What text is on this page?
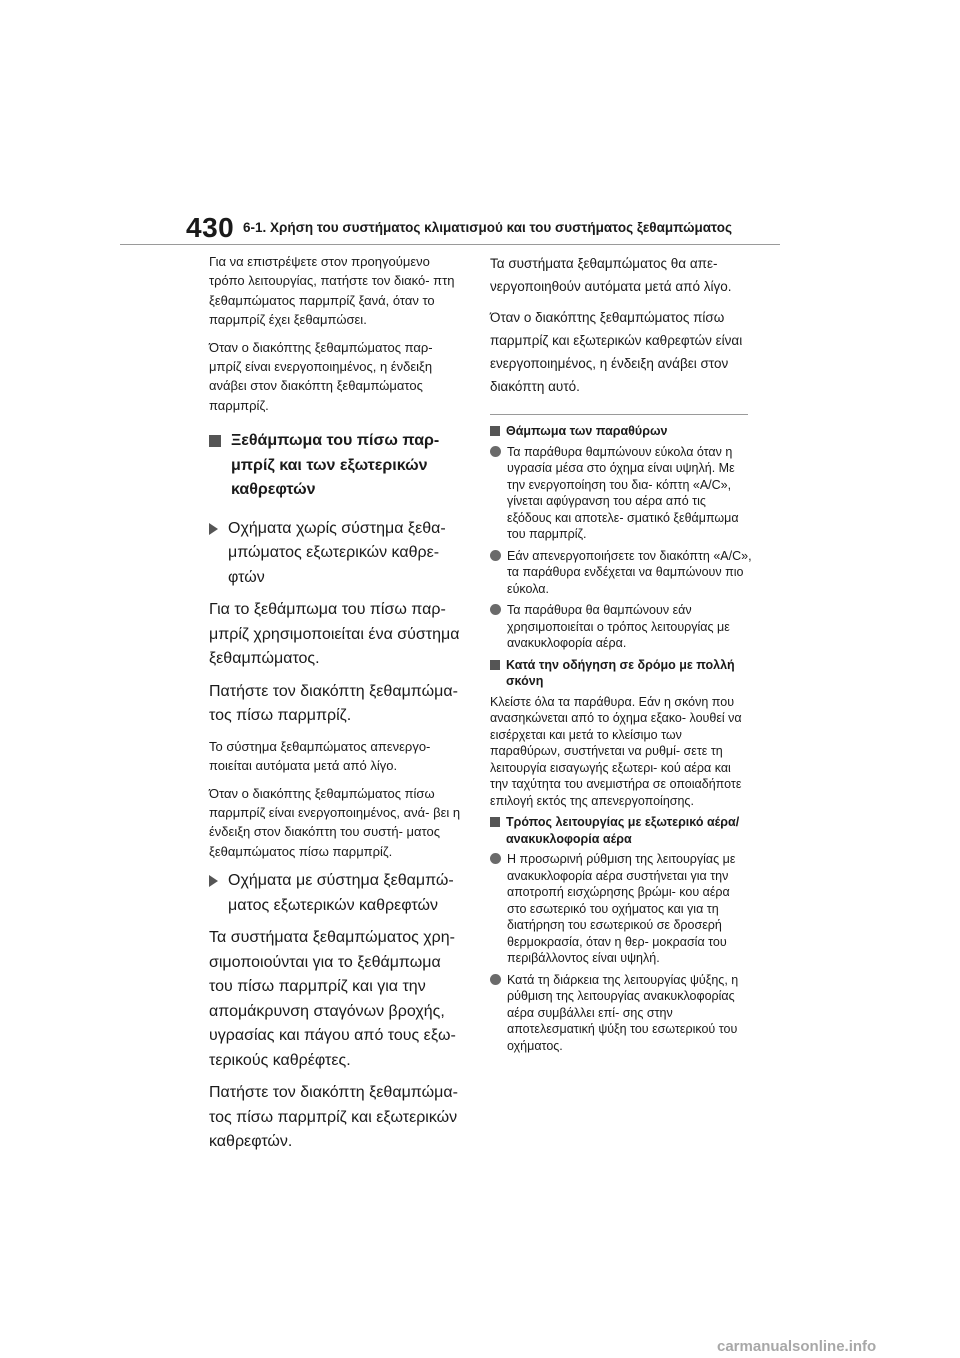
430 6-1. Χρήση του συστήματος κλιματισμού και του συστήματος ξεθαμπώματος

Για να επιστρέψετε στον προηγούμενο τρόπο λειτουργίας, πατήστε τον διακό- πτη ξεθαμπώματος παρμπρίζ ξανά, όταν το παρμπρίζ έχει ξεθαμπώσει.

Όταν ο διακόπτης ξεθαμπώματος παρ- μπρίζ είναι ενεργοποιημένος, η ένδειξη ανάβει στον διακόπτη ξεθαμπώματος παρμπρίζ.

Ξεθάμπωμα του πίσω παρ- μπρίζ και των εξωτερικών καθρεφτών
Οχήματα χωρίς σύστημα ξεθα- μπώματος εξωτερικών καθρε- φτών

Για το ξεθάμπωμα του πίσω παρ- μπρίζ χρησιμοποιείται ένα σύστημα ξεθαμπώματος.

Πατήστε τον διακόπτη ξεθαμπώμα- τος πίσω παρμπρίζ.

Το σύστημα ξεθαμπώματος απενεργο- ποιείται αυτόματα μετά από λίγο.

Όταν ο διακόπτης ξεθαμπώματος πίσω παρμπρίζ είναι ενεργοποιημένος, ανά- βει η ένδειξη στον διακόπτη του συστή- ματος ξεθαμπώματος πίσω παρμπρίζ.

Οχήματα με σύστημα ξεθαμπώ- ματος εξωτερικών καθρεφτών

Τα συστήματα ξεθαμπώματος χρη- σιμοποιούνται για το ξεθάμπωμα του πίσω παρμπρίζ και για την απομάκρυνση σταγόνων βροχής, υγρασίας και πάγου από τους εξω- τερικούς καθρέφτες.

Πατήστε τον διακόπτη ξεθαμπώμα- τος πίσω παρμπρίζ και εξωτερικών καθρεφτών.

Τα συστήματα ξεθαμπώματος θα απε- νεργοποιηθούν αυτόματα μετά από λίγο.

Όταν ο διακόπτης ξεθαμπώματος πίσω παρμπρίζ και εξωτερικών καθρεφτών είναι ενεργοποιημένος, η ένδειξη ανάβει στον διακόπτη αυτό.

Θάμπωμα των παραθύρων
Τα παράθυρα θαμπώνουν εύκολα όταν η υγρασία μέσα στο όχημα είναι υψηλή. Με την ενεργοποίηση του δια- κόπτη «A/C», γίνεται αφύγρανση του αέρα από τις εξόδους και αποτελε- σματικό ξεθάμπωμα του παρμπρίζ.
Εάν απενεργοποιήσετε τον διακόπτη «A/C», τα παράθυρα ενδέχεται να θαμπώνουν πιο εύκολα.
Τα παράθυρα θα θαμπώνουν εάν χρησιμοποιείται ο τρόπος λειτουργίας με ανακυκλοφορία αέρα.
Κατά την οδήγηση σε δρόμο με πολλή σκόνη

Κλείστε όλα τα παράθυρα. Εάν η σκόνη που ανασηκώνεται από το όχημα εξακο- λουθεί να εισέρχεται και μετά το κλείσιμο των παραθύρων, συστήνεται να ρυθμί- σετε τη λειτουργία εισαγωγής εξωτερι- κού αέρα και την ταχύτητα του ανεμιστήρα σε οποιαδήποτε επιλογή εκτός της απενεργοποίησης.

Τρόπος λειτουργίας με εξωτερικό αέρα/ανακυκλοφορία αέρα
Η προσωρινή ρύθμιση της λειτουργίας με ανακυκλοφορία αέρα συστήνεται για την αποτροπή εισχώρησης βρώμι- κου αέρα στο εσωτερικό του οχήματος και για τη διατήρηση του εσωτερικού σε δροσερή θερμοκρασία, όταν η θερ- μοκρασία του περιβάλλοντος είναι υψηλή.
Κατά τη διάρκεια της λειτουργίας ψύξης, η ρύθμιση της λειτουργίας ανακυκλοφορίας αέρα συμβάλλει επί- σης στην αποτελεσματική ψύξη του εσωτερικού του οχήματος.
carmanualsonline.info
